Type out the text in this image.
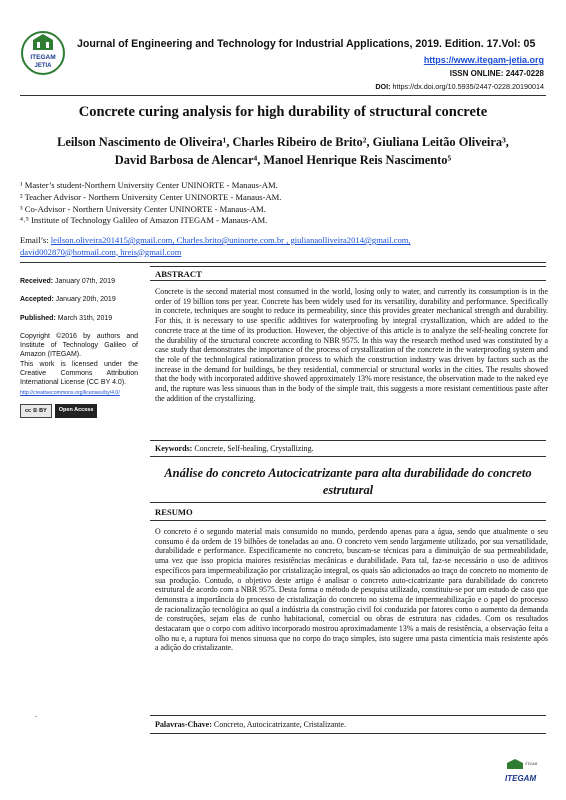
ITEGAM
JETIA
Journal of Engineering and Technology for Industrial Applications, 2019. Edition. 17.Vol: 05
https://www.itegam-jetia.org
ISSN ONLINE: 2447-0228
DOI: https://dx.doi.org/10.5935/2447-0228.20190014
Concrete curing analysis for high durability of structural concrete
Leilson Nascimento de Oliveira¹, Charles Ribeiro de Brito², Giuliana Leitão Oliveira³,
David Barbosa de Alencar⁴, Manoel Henrique Reis Nascimento⁵
¹ Master’s student-Northern University Center UNINORTE - Manaus-AM.
² Teacher Advisor - Northern University Center UNINORTE - Manaus-AM.
³ Co-Advisor - Northern University Center UNINORTE - Manaus-AM.
⁴˒⁵ Institute of Technology Galileo of Amazon ITEGAM - Manaus-AM.
Email’s: leilson.oliveira201415@gmail.com, Charles.brito@uninorte.com.br , giulianaolliveira2014@gmail.com,
david002870@hotmail.com, hreis@gmail.com
Received: January 07th, 2019
Accepted: January 20th, 2019
Published: March 31th, 2019
Copyright ©2016 by authors and Institute of Technology Galileo of Amazon (ITEGAM).
This work is licensed under the Creative Commons Attribution International License (CC BY 4.0).
http://creativecommons.org/licenses/by/4.0/
cc ① BY	Open Access
ABSTRACT
Concrete is the second material most consumed in the world, losing only to water, and currently its consumption is in the order of 19 billion tons per year. Concrete has been widely used for its versatility, durability and performance. Specifically in concrete, techniques are sought to reduce its permeability, since this provides greater mechanical strength and durability. For this, it is necessary to use specific additives for waterproofing by integral crystallization, which are added to the concrete trace at the time of its production. However, the objective of this article is to analyze the self-healing concrete for the durability of the structural concrete according to NBR 9575. In this way the research method used was constituted by a case study that demonstrates the importance of the process of crystallization of the concrete in the waterproofing system and the role of the technological rationalization process to which the construction industry was driven by factors such as the increase in the demand for buildings, be they residential, commercial or structural works in the cities. The results showed that the body with incorporated additive showed approximately 13% more resistance, the observation made to the naked eye and, the rupture was less sinuous than in the body of the simple trait, this suggests a more resistant cementitious paste after the addition of the crystallizing.
Keywords: Concrete, Self-healing, Crystallizing.
Análise do concreto Autocicatrizante para alta durabilidade do concreto estrutural
RESUMO
O concreto é o segundo material mais consumido no mundo, perdendo apenas para a água, sendo que atualmente o seu consumo é da ordem de 19 bilhões de toneladas ao ano. O concreto vem sendo largamente utilizado, por sua versatilidade, durabilidade e performance. Especificamente no concreto, buscam-se técnicas para a diminuição de sua permeabilidade, uma vez que isso propicia maiores resistências mecânicas e durabilidade. Para tal, faz-se necessário o uso de aditivos específicos para impermeabilização por cristalização integral, os quais são adicionados ao traço do concreto no momento de sua produção. Contudo, o objetivo deste artigo é analisar o concreto auto-cicatrizante para durabilidade do concreto estrutural de acordo com a NBR 9575. Desta forma o método de pesquisa utilizado, constituiu-se por um estudo de caso que demonstra a importância do processo de cristalização do concreto no sistema de impermeabilização e o papel do processo de racionalização tecnológica ao qual a indústria da construção civil foi conduzida por fatores como o aumento da demanda de construções, sejam elas de cunho habitacional, comercial ou obras de estrutura nas cidades. Com os resultados destacaram que o corpo com aditivo incorporado mostrou aproximadamente 13% a mais de resistência, a observação feita a olho nu e, a ruptura foi menos sinuosa que no corpo do traço simples, isto sugere uma pasta cimentícia mais resistente após a adição do cristalizante.
Palavras-Chave: Concreto, Autocicatrizante, Cristalizante.
.
ITEGAM
ITEGAM
